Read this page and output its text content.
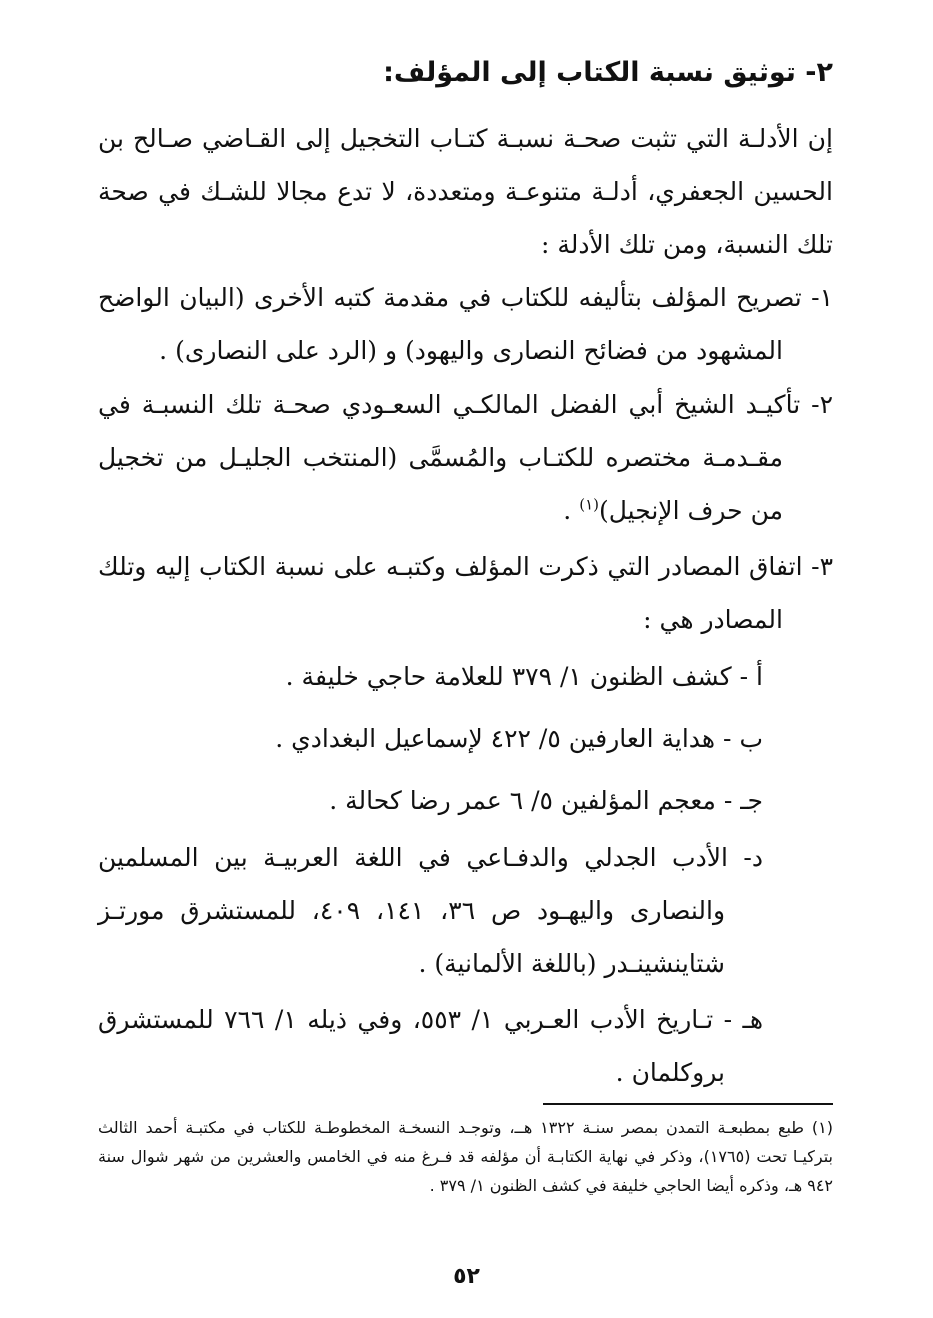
٢- توثيق نسبة الكتاب إلى المؤلف:
إن الأدلـة التي تثبت صحـة نسبـة كتـاب التخجيل إلى القـاضي صـالح بن الحسين الجعفري، أدلـة متنوعـة ومتعددة، لا تدع مجالا للشـك في صحة تلك النسبة، ومن تلك الأدلة :
١- تصريح المؤلف بتأليفه للكتاب في مقدمة كتبه الأخرى (البيان الواضح المشهود من فضائح النصارى واليهود) و (الرد على النصارى) .
٢- تأكيـد الشيخ أبي الفضل المالكـي السعـودي صحـة تلك النسبـة في مقـدمـة مختصره للكتـاب والمُسمَّى (المنتخب الجليـل من تخجيل من حرف الإنجيل)$^{(١)}$ .
٣- اتفاق المصادر التي ذكرت المؤلف وكتبـه على نسبة الكتاب إليه وتلك المصادر هي :
أ - كشف الظنون ١/ ٣٧٩ للعلامة حاجي خليفة .
ب - هداية العارفين ٥/ ٤٢٢ لإسماعيل البغدادي .
جـ - معجم المؤلفين ٥/ ٦ عمر رضا كحالة .
د- الأدب الجدلي والدفـاعي في اللغة العربيـة بين المسلمين والنصارى واليهـود ص ٣٦، ١٤١، ٤٠٩، للمستشرق مورتـز شتاينشينـدر (باللغة الألمانية) .
هـ - تـاريخ الأدب العـربي ١/ ٥٥٣، وفي ذيله ١/ ٧٦٦ للمستشرق بروكلمان .
(١) طبع بمطبعـة التمدن بمصر سنـة ١٣٢٢ هــ، وتوجـد النسخـة المخطوطـة للكتاب في مكتبـة أحمد الثالث بتركيـا تحت (١٧٦٥)، وذكر في نهاية الكتابـة أن مؤلفه قد فـرغ منه في الخامس والعشرين من شهر شوال سنة ٩٤٢ هـ، وذكره أيضا الحاجي خليفة في كشف الظنون ١/ ٣٧٩ .
٥٢
